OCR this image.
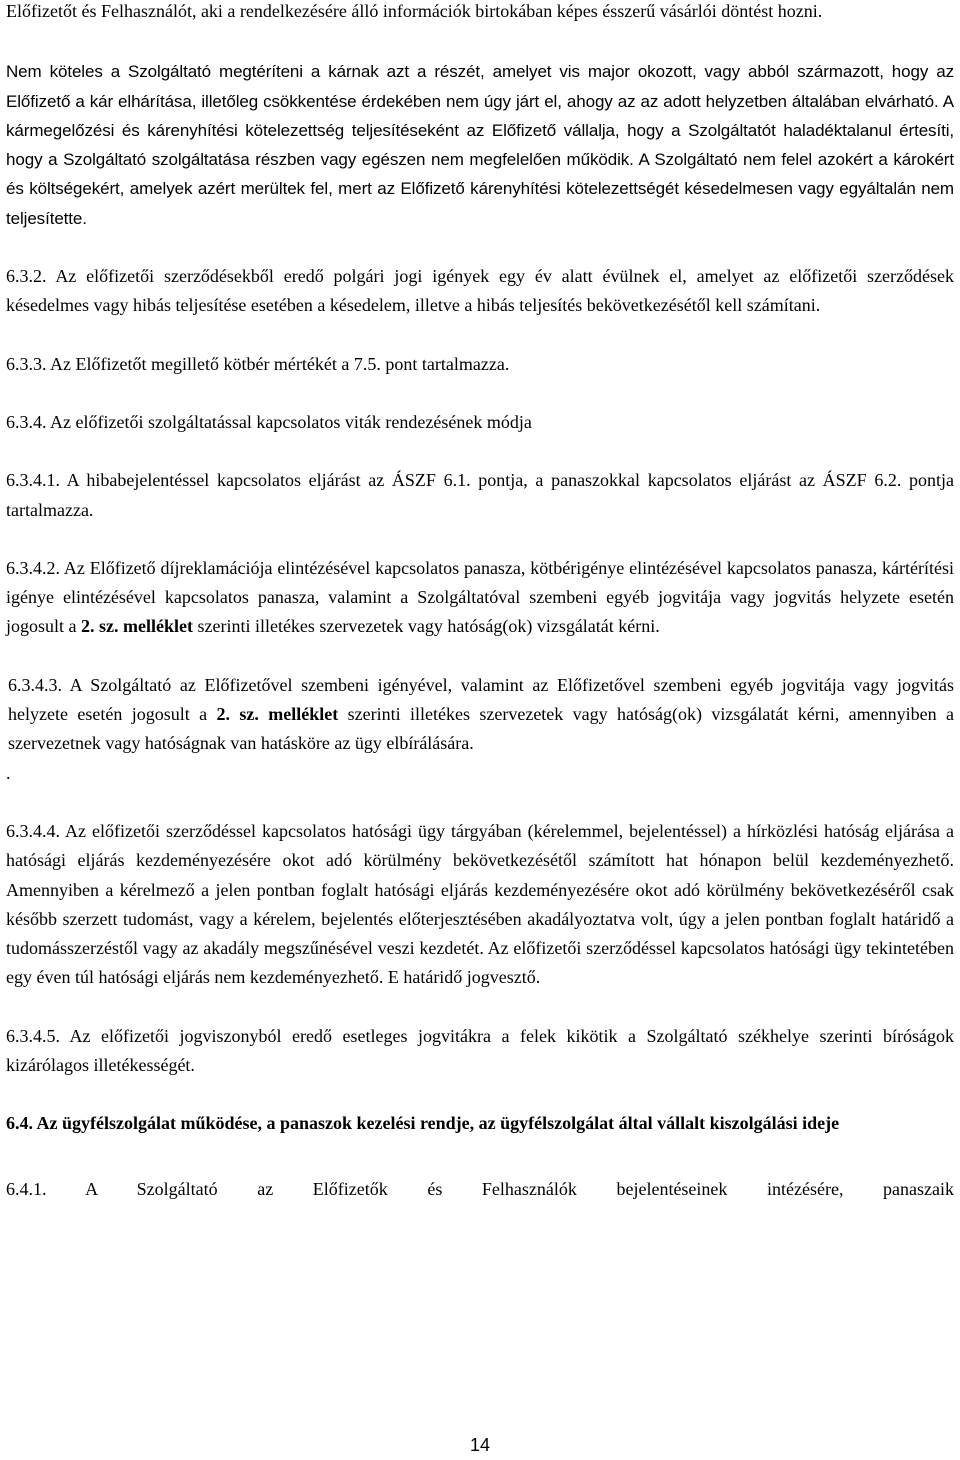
Előfizetőt és Felhasználót, aki a rendelkezésére álló információk birtokában képes ésszerű vásárlói döntést hozni.

Nem köteles a Szolgáltató megtéríteni a kárnak azt a részét, amelyet vis major okozott, vagy abból származott, hogy az Előfizető a kár elhárítása, illetőleg csökkentése érdekében nem úgy járt el, ahogy az az adott helyzetben általában elvárható. A kármegelőzési és kárenyhítési kötelezettség teljesítéseként az Előfizető vállalja, hogy a Szolgáltatót haladéktalanul értesíti, hogy a Szolgáltató szolgáltatása részben vagy egészen nem megfelelően működik. A Szolgáltató nem felel azokért a károkért és költségekért, amelyek azért merültek fel, mert az Előfizető kárenyhítési kötelezettségét késedelmesen vagy egyáltalán nem teljesítette.

6.3.2. Az előfizetői szerződésekből eredő polgári jogi igények egy év alatt évülnek el, amelyet az előfizetői szerződések késedelmes vagy hibás teljesítése esetében a késedelem, illetve a hibás teljesítés bekövetkezésétől kell számítani.

6.3.3. Az Előfizetőt megillető kötbér mértékét a 7.5. pont tartalmazza.

6.3.4. Az előfizetői szolgáltatással kapcsolatos viták rendezésének módja

6.3.4.1. A hibabejelentéssel kapcsolatos eljárást az ÁSZF 6.1. pontja, a panaszokkal kapcsolatos eljárást az ÁSZF 6.2. pontja tartalmazza.

6.3.4.2. Az Előfizető díjreklamációja elintézésével kapcsolatos panasza, kötbérigénye elintézésével kapcsolatos panasza, kártérítési igénye elintézésével kapcsolatos panasza, valamint a Szolgáltatóval szembeni egyéb jogvitája vagy jogvitás helyzete esetén jogosult a 2. sz. melléklet szerinti illetékes szervezetek vagy hatóság(ok) vizsgálatát kérni.

6.3.4.3. A Szolgáltató az Előfizetővel szembeni igényével, valamint az Előfizetővel szembeni egyéb jogvitája vagy jogvitás helyzete esetén jogosult a 2. sz. melléklet szerinti illetékes szervezetek vagy hatóság(ok) vizsgálatát kérni, amennyiben a szervezetnek vagy hatóságnak van hatásköre az ügy elbírálására.

.

6.3.4.4. Az előfizetői szerződéssel kapcsolatos hatósági ügy tárgyában (kérelemmel, bejelentéssel) a hírközlési hatóság eljárása a hatósági eljárás kezdeményezésére okot adó körülmény bekövetkezésétől számított hat hónapon belül kezdeményezhető. Amennyiben a kérelmező a jelen pontban foglalt hatósági eljárás kezdeményezésére okot adó körülmény bekövetkezéséről csak később szerzett tudomást, vagy a kérelem, bejelentés előterjesztésében akadályoztatva volt, úgy a jelen pontban foglalt határidő a tudomásszerzéstől vagy az akadály megszűnésével veszi kezdetét. Az előfizetői szerződéssel kapcsolatos hatósági ügy tekintetében egy éven túl hatósági eljárás nem kezdeményezhető. E határidő jogvesztő.

6.3.4.5. Az előfizetői jogviszonyból eredő esetleges jogvitákra a felek kikötik a Szolgáltató székhelye szerinti bíróságok kizárólagos illetékességét.

6.4. Az ügyfélszolgálat működése, a panaszok kezelési rendje, az ügyfélszolgálat által vállalt kiszolgálási ideje

6.4.1. A Szolgáltató az Előfizetők és Felhasználók bejelentéseinek intézésére, panaszaik

14
